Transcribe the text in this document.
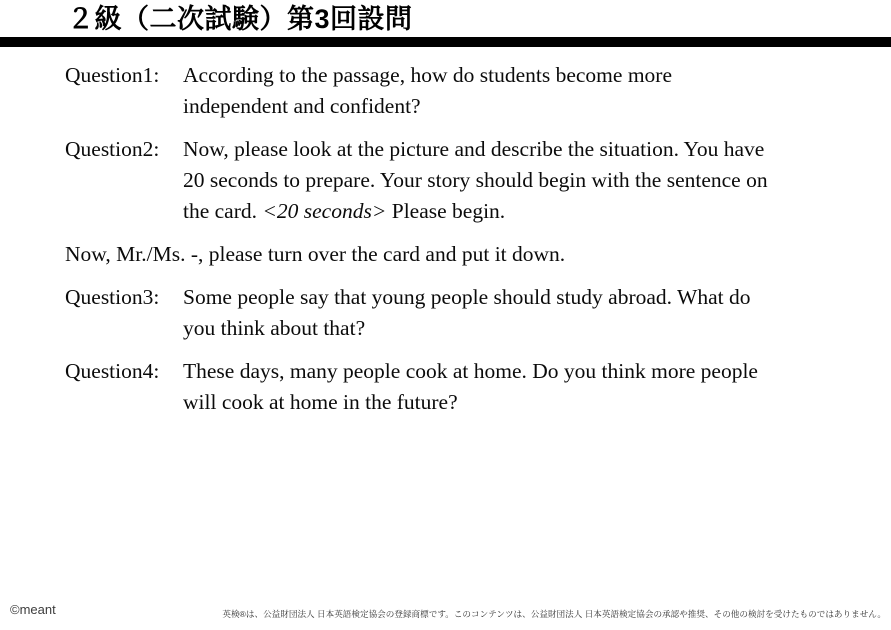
２級（二次試験）第3回設問
Question1:	According to the passage, how do students become more
independent and confident?
Question2:	Now, please look at the picture and describe the situation. You have
20 seconds to prepare. Your story should begin with the sentence on
the card. <20 seconds> Please begin.
Now, Mr./Ms. -, please turn over the card and put it down.
Question3:	Some people say that young people should study abroad. What do
you think about that?
Question4:	These days, many people cook at home. Do you think more people
will cook at home in the future?
©meant	英検®は、公益財団法人 日本英語検定協会の登録商標です。このコンテンツは、公益財団法人 日本英語検定協会の承認や推奨、その他の検討を受けたものではありません。
